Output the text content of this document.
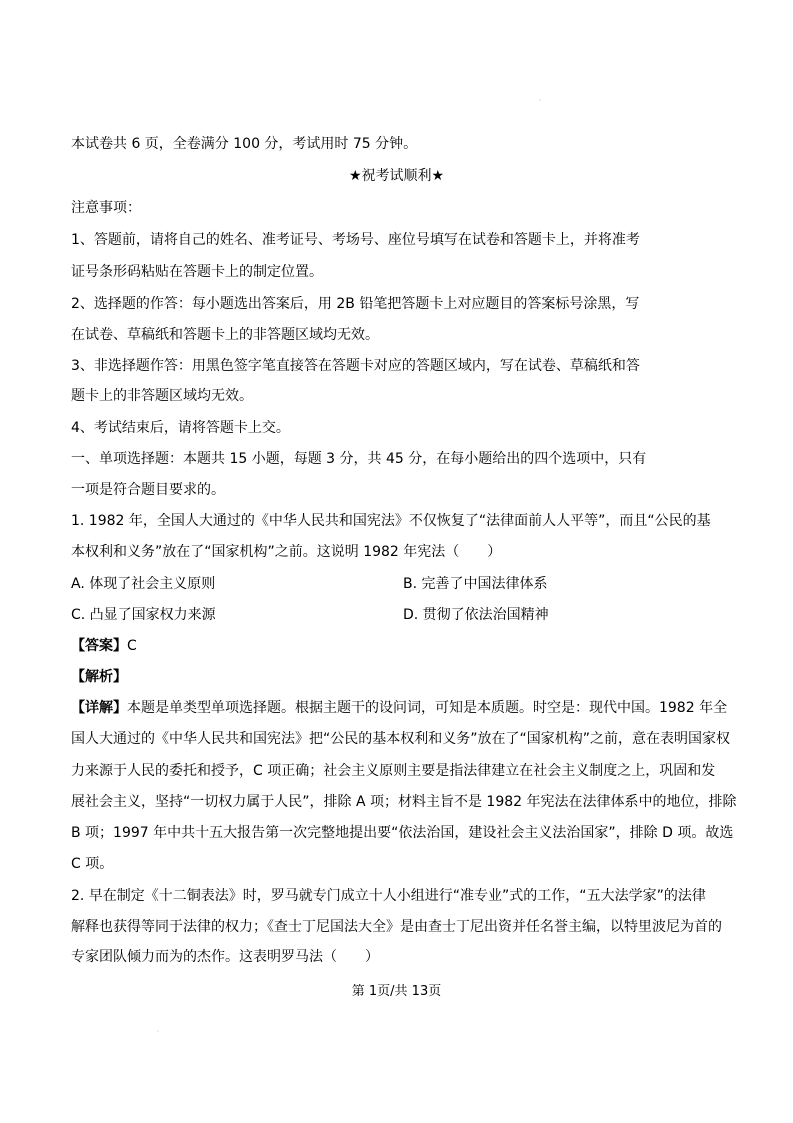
本试卷共 6 页，全卷满分 100 分，考试用时 75 分钟。
★祝考试顺利★
注意事项：
1、答题前，请将自己的姓名、准考证号、考场号、座位号填写在试卷和答题卡上，并将准考
证号条形码粘贴在答题卡上的制定位置。
2、选择题的作答：每小题选出答案后，用 2B 铅笔把答题卡上对应题目的答案标号涂黑，写
在试卷、草稿纸和答题卡上的非答题区域均无效。
3、非选择题作答：用黑色签字笔直接答在答题卡对应的答题区域内，写在试卷、草稿纸和答
题卡上的非答题区域均无效。
4、考试结束后，请将答题卡上交。
一、单项选择题：本题共 15 小题，每题 3 分，共 45 分，在每小题给出的四个选项中，只有
一项是符合题目要求的。
1. 1982 年，全国人大通过的《中华人民共和国宪法》不仅恢复了“法律面前人人平等”，而且“公民的基
本权利和义务”放在了“国家机构”之前。这说明 1982 年宪法（　　）
A. 体现了社会主义原则	B. 完善了中国法律体系
C. 凸显了国家权力来源	D. 贯彻了依法治国精神
【答案】C
【解析】
【详解】本题是单类型单项选择题。根据主题干的设问词，可知是本质题。时空是：现代中国。1982 年全
国人大通过的《中华人民共和国宪法》把“公民的基本权利和义务”放在了“国家机构”之前，意在表明国家权
力来源于人民的委托和授予，C 项正确；社会主义原则主要是指法律建立在社会主义制度之上，巩固和发
展社会主义，坚持“一切权力属于人民”，排除 A 项；材料主旨不是 1982 年宪法在法律体系中的地位，排除
B 项；1997 年中共十五大报告第一次完整地提出要“依法治国，建设社会主义法治国家”，排除 D 项。故选
C 项。
2. 早在制定《十二铜表法》时，罗马就专门成立十人小组进行“准专业”式的工作，“五大法学家”的法律
解释也获得等同于法律的权力；《查士丁尼国法大全》是由查士丁尼出资并任名誉主编，以特里波尼为首的
专家团队倾力而为的杰作。这表明罗马法（　　）
第 1页/共 13页
